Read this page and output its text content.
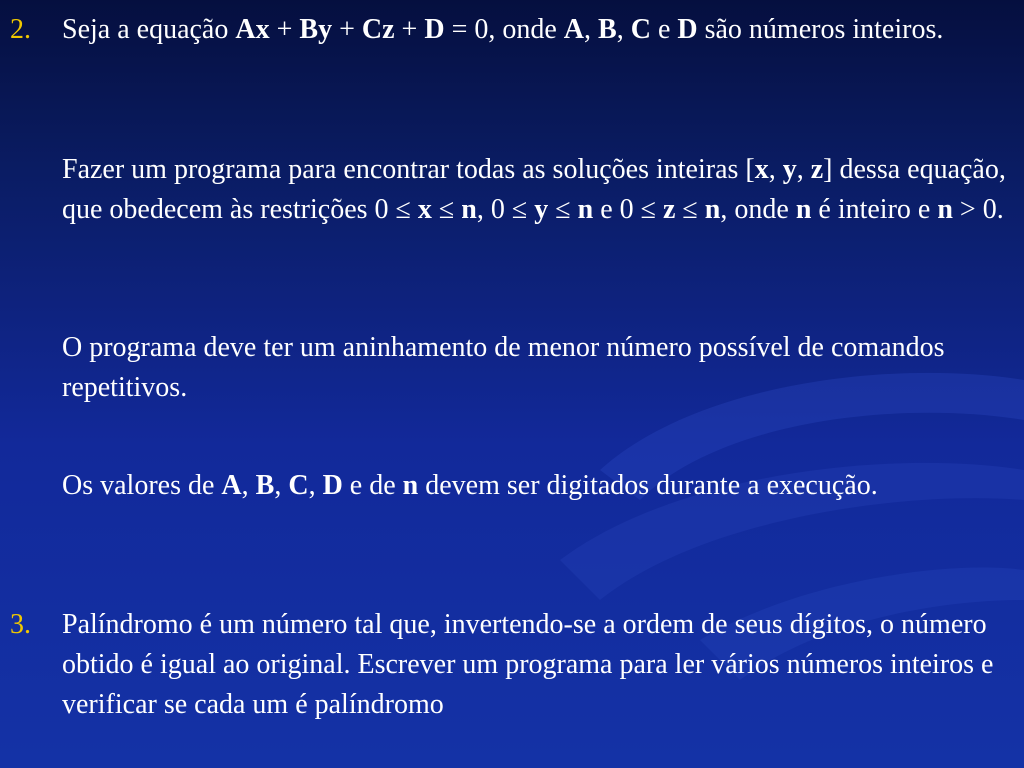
2. Seja a equação Ax + By + Cz + D = 0, onde A, B, C e D são números inteiros.

Fazer um programa para encontrar todas as soluções inteiras [x, y, z] dessa equação, que obedecem às restrições 0 ≤ x ≤ n, 0 ≤ y ≤ n e 0 ≤ z ≤ n, onde n é inteiro e n > 0.

O programa deve ter um aninhamento de menor número possível de comandos repetitivos.

Os valores de A, B, C, D e de n devem ser digitados durante a execução.

3. Palíndromo é um número tal que, invertendo-se a ordem de seus dígitos, o número obtido é igual ao original. Escrever um programa para ler vários números inteiros e verificar se cada um é palíndromo
